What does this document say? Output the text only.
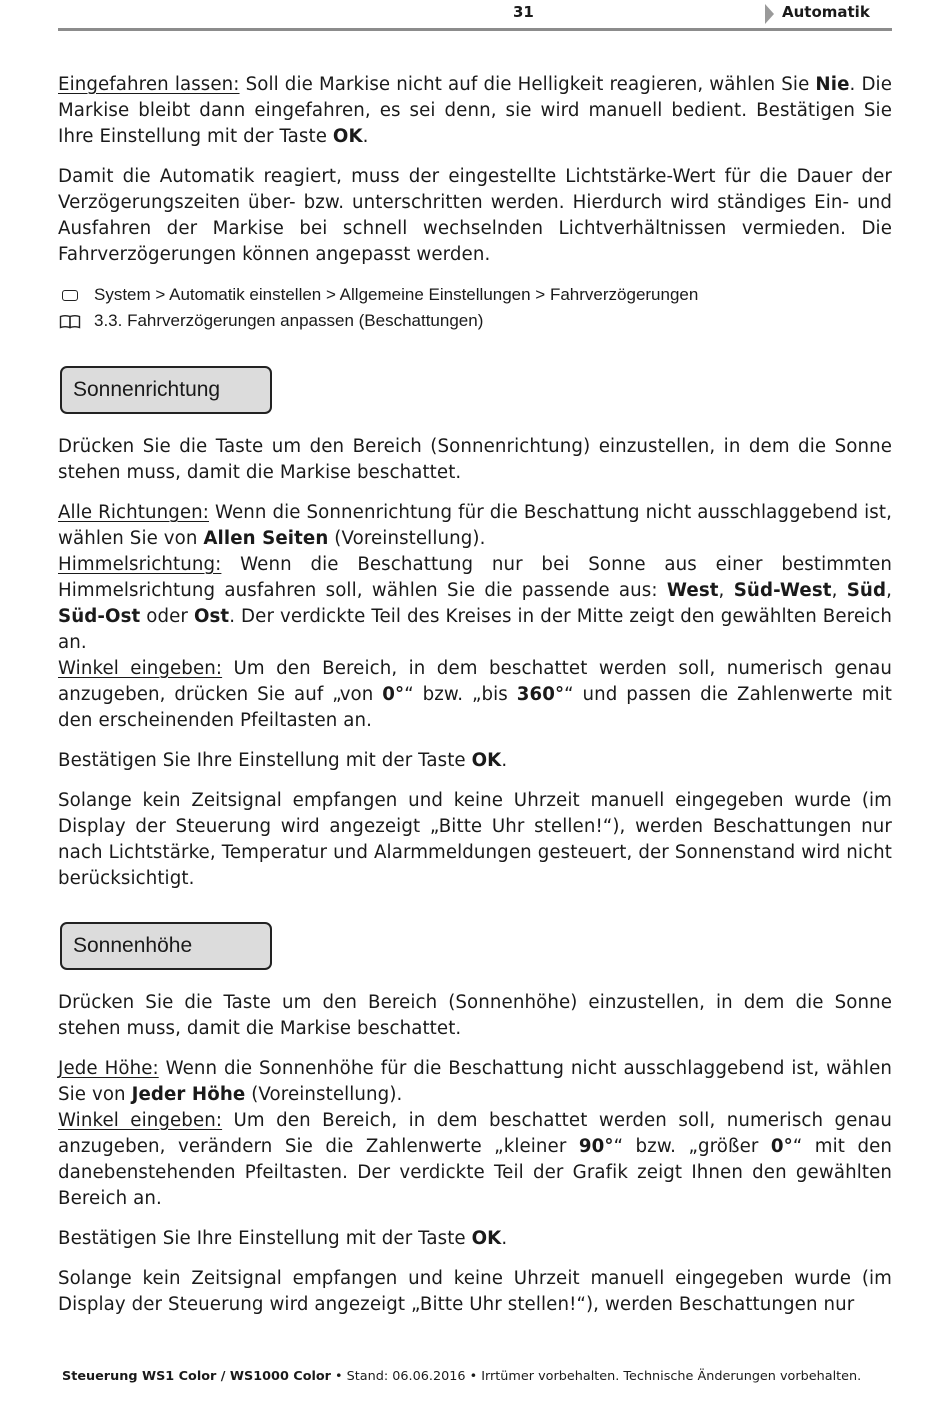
31	Automatik

Eingefahren lassen: Soll die Markise nicht auf die Helligkeit reagieren, wählen Sie Nie. Die Markise bleibt dann eingefahren, es sei denn, sie wird manuell bedient. Bestätigen Sie Ihre Einstellung mit der Taste OK.

Damit die Automatik reagiert, muss der eingestellte Lichtstärke-Wert für die Dauer der Verzögerungszeiten über- bzw. unterschritten werden. Hierdurch wird ständiges Ein- und Ausfahren der Markise bei schnell wechselnden Lichtverhältnissen vermieden. Die Fahrverzögerungen können angepasst werden.

System > Automatik einstellen > Allgemeine Einstellungen > Fahrverzögerungen
3.3. Fahrverzögerungen anpassen (Beschattungen)
Sonnenrichtung

Drücken Sie die Taste um den Bereich (Sonnenrichtung) einzustellen, in dem die Sonne stehen muss, damit die Markise beschattet.

Alle Richtungen: Wenn die Sonnenrichtung für die Beschattung nicht ausschlaggebend ist, wählen Sie von Allen Seiten (Voreinstellung).

Himmelsrichtung: Wenn die Beschattung nur bei Sonne aus einer bestimmten Himmelsrichtung ausfahren soll, wählen Sie die passende aus: West, Süd-West, Süd, Süd-Ost oder Ost. Der verdickte Teil des Kreises in der Mitte zeigt den gewählten Bereich an.

Winkel eingeben: Um den Bereich, in dem beschattet werden soll, numerisch genau anzugeben, drücken Sie auf „von 0°“ bzw. „bis 360°“ und passen die Zahlenwerte mit den erscheinenden Pfeiltasten an.

Bestätigen Sie Ihre Einstellung mit der Taste OK.

Solange kein Zeitsignal empfangen und keine Uhrzeit manuell eingegeben wurde (im Display der Steuerung wird angezeigt „Bitte Uhr stellen!“), werden Beschattungen nur nach Lichtstärke, Temperatur und Alarmmeldungen gesteuert, der Sonnenstand wird nicht berücksichtigt.

Sonnenhöhe

Drücken Sie die Taste um den Bereich (Sonnenhöhe) einzustellen, in dem die Sonne stehen muss, damit die Markise beschattet.

Jede Höhe: Wenn die Sonnenhöhe für die Beschattung nicht ausschlaggebend ist, wählen Sie von Jeder Höhe (Voreinstellung).

Winkel eingeben: Um den Bereich, in dem beschattet werden soll, numerisch genau anzugeben, verändern Sie die Zahlenwerte „kleiner 90°“ bzw. „größer 0°“ mit den danebenstehenden Pfeiltasten. Der verdickte Teil der Grafik zeigt Ihnen den gewählten Bereich an.

Bestätigen Sie Ihre Einstellung mit der Taste OK.

Solange kein Zeitsignal empfangen und keine Uhrzeit manuell eingegeben wurde (im Display der Steuerung wird angezeigt „Bitte Uhr stellen!“), werden Beschattungen nur

Steuerung WS1 Color / WS1000 Color • Stand: 06.06.2016 • Irrtümer vorbehalten. Technische Änderungen vorbehalten.
